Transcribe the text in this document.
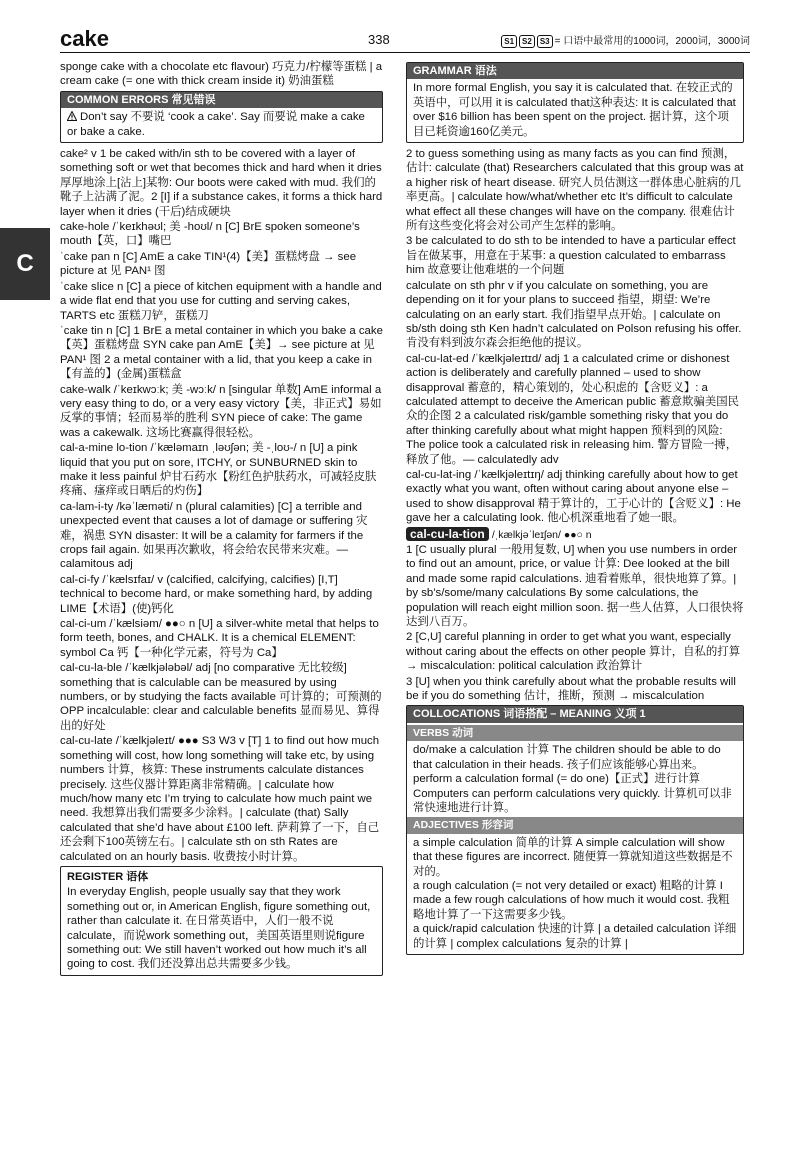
cake	338	S1 S2 S3 = 口语中最常用的1000词，2000词，3000词
C

sponge cake with a chocolate etc flavour) 巧克力/柠檬等蛋糕 | a cream cake (= one with thick cream inside it) 奶油蛋糕

COMMON ERRORS 常见错误
Don’t say 不要说 ‘cook a cake’. Say 而要说 make a cake or bake a cake.

cake² v 1 be caked with/in sth to be covered with a layer of something soft or wet that becomes thick and hard when it dries 厚厚地涂上[沾上]某物: Our boots were caked with mud. 我们的靴子上沾满了泥。2 [I] if a substance cakes, it forms a thick hard layer when it dries (干后)结成硬块

cake-hole /ˈkeɪkhəʊl; 美 -hoʊl/ n [C] BrE spoken someone’s mouth【英，口】嘴巴

ˈcake pan n [C] AmE a cake TIN¹(4)【美】蛋糕烤盘 → see picture at 见 PAN¹ 图

ˈcake slice n [C] a piece of kitchen equipment with a handle and a wide flat end that you use for cutting and serving cakes, TARTS etc 蛋糕刀铲，蛋糕刀

ˈcake tin n [C] 1 BrE a metal container in which you bake a cake【英】蛋糕烤盘 SYN cake pan AmE【美】→ see picture at 见 PAN¹ 图 2 a metal container with a lid, that you keep a cake in【有盖的】(金属)蛋糕盒

cake-walk /ˈkeɪkwɔːk; 美 -wɔːk/ n [singular 单数] AmE informal a very easy thing to do, or a very easy victory【美，非正式】易如反掌的事情；轻而易举的胜利 SYN piece of cake: The game was a cakewalk. 这场比赛赢得很轻松。

cal-a-mine lo-tion /ˈkæləmaɪn ˌləʊʃən; 美 -ˌloʊ-/ n [U] a pink liquid that you put on sore, ITCHY, or SUNBURNED skin to make it less painful 炉甘石药水【粉红色护肤药水，可减轻皮肤疼痛、瘙痒或日晒后的灼伤】

ca-lam-i-ty /kəˈlæməti/ n (plural calamities) [C] a terrible and unexpected event that causes a lot of damage or suffering 灾难，祸患 SYN disaster: It will be a calamity for farmers if the crops fail again. 如果再次歉收，将会给农民带来灾难。— calamitous adj

cal-ci-fy /ˈkælsɪfaɪ/ v (calcified, calcifying, calcifies) [I,T] technical to become hard, or make something hard, by adding LIME【术语】(使)钙化

cal-ci-um /ˈkælsiəm/ ●●○ n [U] a silver-white metal that helps to form teeth, bones, and CHALK. It is a chemical ELEMENT: symbol Ca 钙【一种化学元素，符号为 Ca】

cal-cu-la-ble /ˈkælkjələbəl/ adj [no comparative 无比较级] something that is calculable can be measured by using numbers, or by studying the facts available 可计算的；可预测的 OPP incalculable: clear and calculable benefits 显而易见、算得出的好处

cal-cu-late /ˈkælkjəleɪt/ ●●● S3 W3 v [T] 1 to find out how much something will cost, how long something will take etc, by using numbers 计算，核算: These instruments calculate distances precisely. 这些仪器计算距离非常精确。| calculate how much/how many etc I’m trying to calculate how much paint we need. 我想算出我们需要多少涂料。| calculate (that) Sally calculated that she’d have about £100 left. 萨莉算了一下，自己还会剩下100英镑左右。| calculate sth on sth Rates are calculated on an hourly basis. 收费按小时计算。

REGISTER 语体
In everyday English, people usually say that they work something out or, in American English, figure something out, rather than calculate it. 在日常英语中，人们一般不说calculate，而说work something out，美国英语里则说figure something out: We still haven’t worked out how much it’s all going to cost. 我们还没算出总共需要多少钱。
GRAMMAR 语法
In more formal English, you say it is calculated that. 在较正式的英语中，可以用 it is calculated that这种表达: It is calculated that over $16 billion has been spent on the project. 据计算，这个项目已耗资逾160亿美元。

2 to guess something using as many facts as you can find 预测，估计: calculate (that) Researchers calculated that this group was at a higher risk of heart disease. 研究人员估测这一群体患心脏病的几率更高。| calculate how/what/whether etc It’s difficult to calculate what effect all these changes will have on the company. 很难估计所有这些变化将会对公司产生怎样的影响。

3 be calculated to do sth to be intended to have a particular effect 旨在做某事，用意在于某事: a question calculated to embarrass him 故意要让他难堪的一个问题

calculate on sth phr v if you calculate on something, you are depending on it for your plans to succeed 指望，期望: We’re calculating on an early start. 我们指望早点开始。| calculate on sb/sth doing sth Ken hadn’t calculated on Polson refusing his offer. 肯没有料到波尔森会拒绝他的提议。

cal-cu-lat-ed /ˈkælkjəleɪtɪd/ adj 1 a calculated crime or dishonest action is deliberately and carefully planned – used to show disapproval 蓄意的，精心策划的，处心积虑的【含贬义】: a calculated attempt to deceive the American public 蓄意欺骗美国民众的企图 2 a calculated risk/gamble something risky that you do after thinking carefully about what might happen 预料到的风险: The police took a calculated risk in releasing him. 警方冒险一搏，释放了他。— calculatedly adv

cal-cu-lat-ing /ˈkælkjəleɪtɪŋ/ adj thinking carefully about how to get exactly what you want, often without caring about anyone else – used to show disapproval 精于算计的，工于心计的【含贬义】: He gave her a calculating look. 他心机深重地看了她一眼。

cal-cu-la-tion /ˌkælkjəˈleɪʃən/ ●●○ n

1 [C usually plural 一般用复数, U] when you use numbers in order to find out an amount, price, or value 计算: Dee looked at the bill and made some rapid calculations. 迪看着账单，很快地算了算。| by sb’s/some/many calculations By some calculations, the population will reach eight million soon. 据一些人估算，人口很快将达到八百万。

2 [C,U] careful planning in order to get what you want, especially without caring about the effects on other people 算计，自私的打算 → miscalculation: political calculation 政治算计

3 [U] when you think carefully about what the probable results will be if you do something 估计，推断，预测 → miscalculation

COLLOCATIONS 词语搭配 – MEANING 义项 1
VERBS 动词
do/make a calculation 计算 The children should be able to do that calculation in their heads. 孩子们应该能够心算出来。
perform a calculation formal (= do one)【正式】进行计算 Computers can perform calculations very quickly. 计算机可以非常快速地进行计算。
ADJECTIVES 形容词
a simple calculation 简单的计算 A simple calculation will show that these figures are incorrect. 随便算一算就知道这些数据是不对的。
a rough calculation (= not very detailed or exact) 粗略的计算 I made a few rough calculations of how much it would cost. 我粗略地计算了一下这需要多少钱。
a quick/rapid calculation 快速的计算 | a detailed calculation 详细的计算 | complex calculations 复杂的计算 |
